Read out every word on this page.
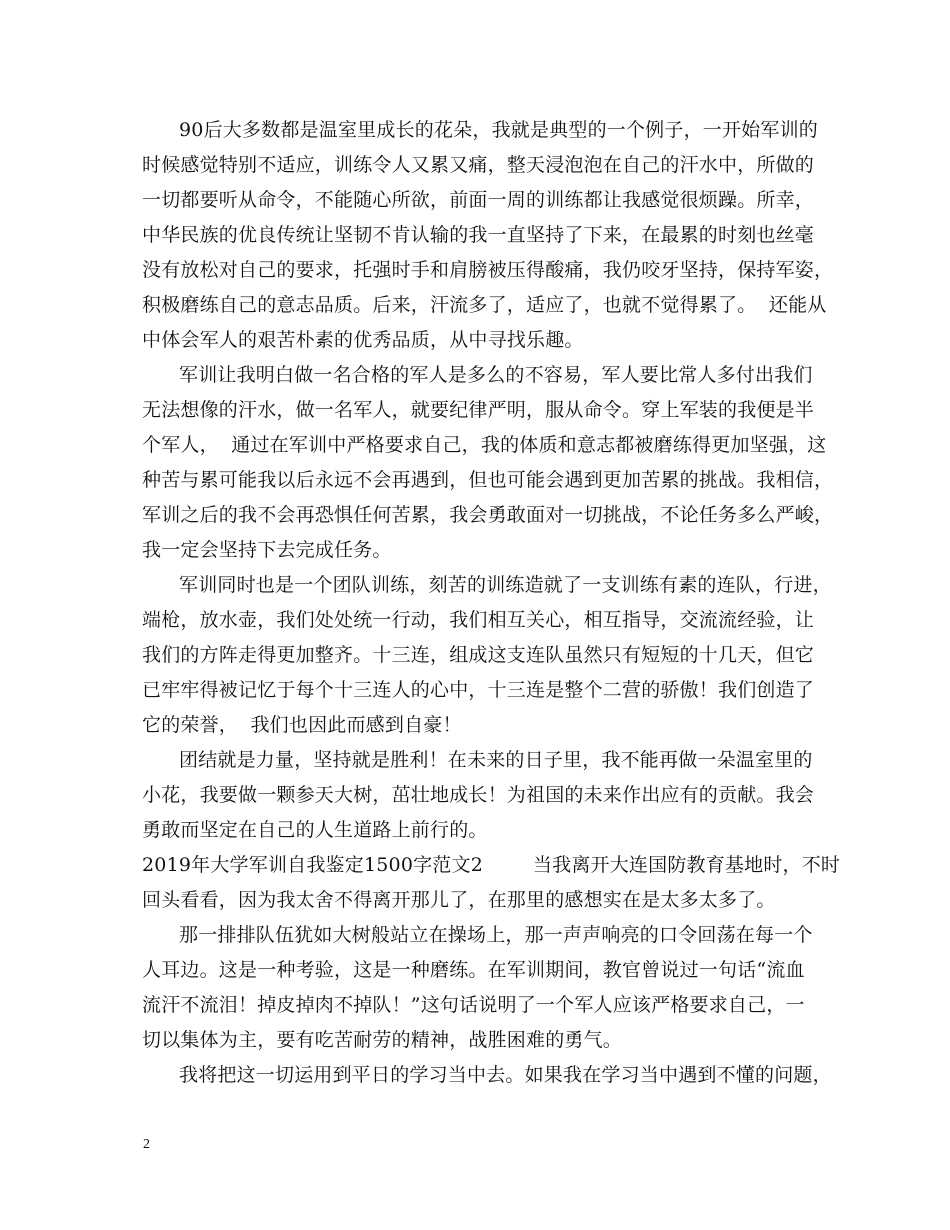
90后大多数都是温室里成长的花朵，我就是典型的一个例子，一开始军训的
时候感觉特别不适应，训练令人又累又痛，整天浸泡泡在自己的汗水中，所做的
一切都要听从命令，不能随心所欲，前面一周的训练都让我感觉很烦躁。所幸，
中华民族的优良传统让坚韧不肯认输的我一直坚持了下来，在最累的时刻也丝毫
没有放松对自己的要求，托强时手和肩膀被压得酸痛，我仍咬牙坚持，保持军姿，
积极磨练自己的意志品质。后来，汗流多了，适应了，也就不觉得累了。  还能从
中体会军人的艰苦朴素的优秀品质，从中寻找乐趣。
军训让我明白做一名合格的军人是多么的不容易，军人要比常人多付出我们
无法想像的汗水，做一名军人，就要纪律严明，服从命令。穿上军装的我便是半
个军人，  通过在军训中严格要求自己，我的体质和意志都被磨练得更加坚强，这
种苦与累可能我以后永远不会再遇到，但也可能会遇到更加苦累的挑战。我相信，
军训之后的我不会再恐惧任何苦累，我会勇敢面对一切挑战，不论任务多么严峻，
我一定会坚持下去完成任务。
军训同时也是一个团队训练，刻苦的训练造就了一支训练有素的连队，行进，
端枪，放水壶，我们处处统一行动，我们相互关心，相互指导，交流流经验，让
我们的方阵走得更加整齐。十三连，组成这支连队虽然只有短短的十几天，但它
已牢牢得被记忆于每个十三连人的心中，十三连是整个二营的骄傲！我们创造了
它的荣誉，  我们也因此而感到自豪！
团结就是力量，坚持就是胜利！在未来的日子里，我不能再做一朵温室里的
小花，我要做一颗参天大树，茁壮地成长！为祖国的未来作出应有的贡献。我会
勇敢而坚定在自己的人生道路上前行的。
2019年大学军训自我鉴定1500字范文2        当我离开大连国防教育基地时，不时
回头看看，因为我太舍不得离开那儿了，在那里的感想实在是太多太多了。
那一排排队伍犹如大树般站立在操场上，那一声声响亮的口令回荡在每一个
人耳边。这是一种考验，这是一种磨练。在军训期间，教官曾说过一句话“流血
流汗不流泪！掉皮掉肉不掉队！”这句话说明了一个军人应该严格要求自己，一
切以集体为主，要有吃苦耐劳的精神，战胜困难的勇气。
我将把这一切运用到平日的学习当中去。如果我在学习当中遇到不懂的问题，
2
